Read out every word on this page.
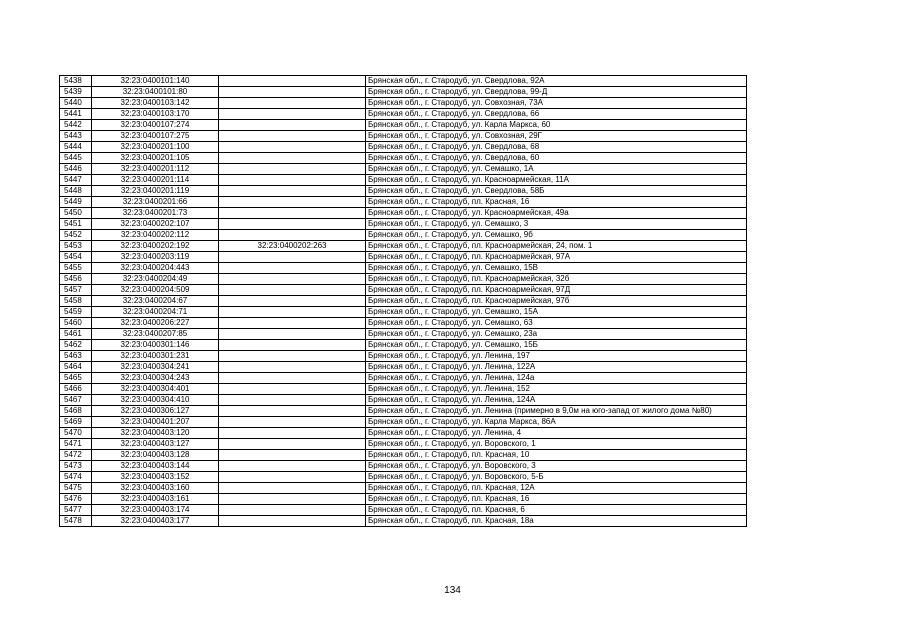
5438	32:23:0400101:140		Брянская обл., г. Стародуб, ул. Свердлова, 92А
5439	32:23:0400101:80		Брянская обл., г. Стародуб, ул. Свердлова, 99-Д
5440	32:23:0400103:142		Брянская обл., г. Стародуб, ул. Совхозная, 73А
5441	32:23:0400103:170		Брянская обл., г. Стародуб, ул. Свердлова, 66
5442	32:23:0400107:274		Брянская обл., г. Стародуб, ул. Карла Маркса, 60
5443	32:23:0400107:275		Брянская обл., г. Стародуб, ул. Совхозная, 29Г
5444	32:23:0400201:100		Брянская обл., г. Стародуб, ул. Свердлова, 68
5445	32:23:0400201:105		Брянская обл., г. Стародуб, ул. Свердлова, 60
5446	32:23:0400201:112		Брянская обл., г. Стародуб, ул. Семашко, 1А
5447	32:23:0400201:114		Брянская обл., г. Стародуб, ул. Красноармейская, 11А
5448	32:23:0400201:119		Брянская обл., г. Стародуб, ул. Свердлова, 58Б
5449	32:23:0400201:66		Брянская обл., г. Стародуб, пл. Красная, 16
5450	32:23:0400201:73		Брянская обл., г. Стародуб, ул. Красноармейская, 49а
5451	32:23:0400202:107		Брянская обл., г. Стародуб, ул. Семашко, 3
5452	32:23:0400202:112		Брянская обл., г. Стародуб, ул. Семашко, 9б
5453	32:23:0400202:192	32:23:0400202:263	Брянская обл., г. Стародуб, пл. Красноармейская, 24, пом. 1
5454	32:23:0400203:119		Брянская обл., г. Стародуб, пл. Красноармейская, 97А
5455	32:23:0400204:443		Брянская обл., г. Стародуб, ул. Семашко, 15В
5456	32:23:0400204:49		Брянская обл., г. Стародуб, пл. Красноармейская, 32б
5457	32:23:0400204:509		Брянская обл., г. Стародуб, пл. Красноармейская, 97Д
5458	32:23:0400204:67		Брянская обл., г. Стародуб, пл. Красноармейская, 97б
5459	32:23:0400204:71		Брянская обл., г. Стародуб, ул. Семашко, 15А
5460	32:23:0400206:227		Брянская обл., г. Стародуб, ул. Семашко, 63
5461	32:23:0400207:85		Брянская обл., г. Стародуб, ул. Семашко, 23а
5462	32:23:0400301:146		Брянская обл., г. Стародуб, ул. Семашко, 15Б
5463	32:23:0400301:231		Брянская обл., г. Стародуб, ул. Ленина, 197
5464	32:23:0400304:241		Брянская обл., г. Стародуб, ул. Ленина, 122А
5465	32:23:0400304:243		Брянская обл., г. Стародуб, ул. Ленина, 124а
5466	32:23:0400304:401		Брянская обл., г. Стародуб, ул. Ленина, 152
5467	32:23:0400304:410		Брянская обл., г. Стародуб, ул. Ленина, 124А
5468	32:23:0400306:127		Брянская обл., г. Стародуб, ул. Ленина (примерно в 9,0м на юго-запад от жилого дома №80)
5469	32:23:0400401:207		Брянская обл., г. Стародуб, ул. Карла Маркса, 86А
5470	32:23:0400403:120		Брянская обл., г. Стародуб, ул. Ленина, 4
5471	32:23:0400403:127		Брянская обл., г. Стародуб, ул. Воровского, 1
5472	32:23:0400403:128		Брянская обл., г. Стародуб, пл. Красная, 10
5473	32:23:0400403:144		Брянская обл., г. Стародуб, ул. Воровского, 3
5474	32:23:0400403:152		Брянская обл., г. Стародуб, ул. Воровского, 5-Б
5475	32:23:0400403:160		Брянская обл., г. Стародуб, пл. Красная, 12А
5476	32:23:0400403:161		Брянская обл., г. Стародуб, пл. Красная, 16
5477	32:23:0400403:174		Брянская обл., г. Стародуб, пл. Красная, 6
5478	32:23:0400403:177		Брянская обл., г. Стародуб, пл. Красная, 18а
134
